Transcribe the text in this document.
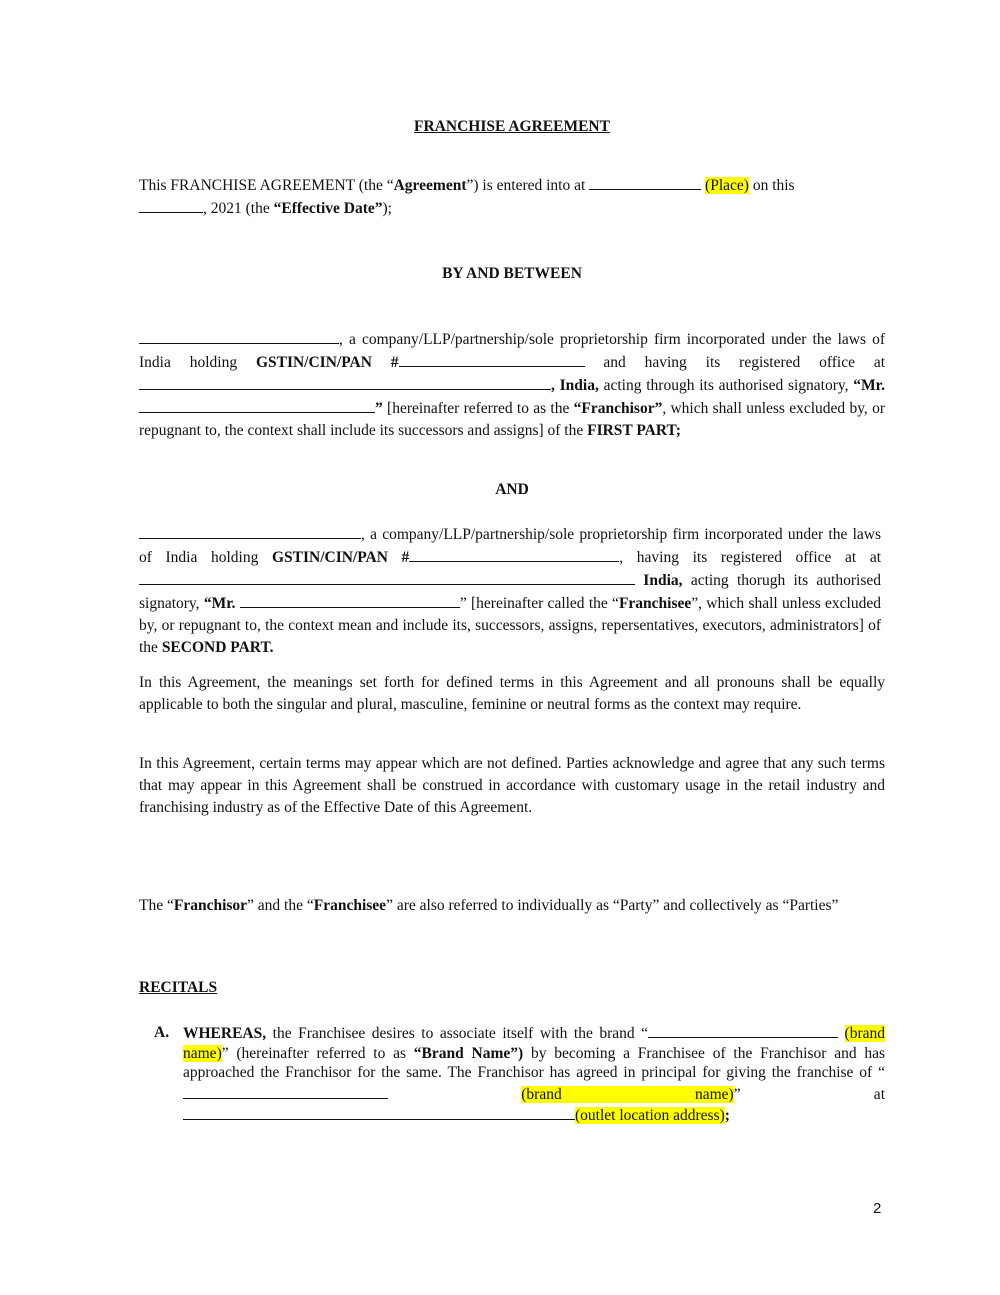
FRANCHISE AGREEMENT
This FRANCHISE AGREEMENT (the “Agreement”) is entered into at	(Place) on this
, 2021 (the “Effective Date”);
BY AND BETWEEN
, a company/LLP/partnership/sole proprietorship firm incorporated under the laws of India holding GSTIN/CIN/PAN #	and having its registered office at , India, acting through its authorised signatory, “Mr. ” [hereinafter referred to as the “Franchisor”, which shall unless excluded by, or repugnant to, the context shall include its successors and assigns] of the FIRST PART;
AND
, a company/LLP/partnership/sole proprietorship firm incorporated under the laws of India holding GSTIN/CIN/PAN #	, having its registered office at at  India, acting thorugh its authorised signatory, “Mr.	” [hereinafter called the “Franchisee”, which shall unless excluded by, or repugnant to, the context mean and include its, successors, assigns, repersentatives, executors, administrators] of the SECOND PART.
In this Agreement, the meanings set forth for defined terms in this Agreement and all pronouns shall be equally applicable to both the singular and plural, masculine, feminine or neutral forms as the context may require.
In this Agreement, certain terms may appear which are not defined. Parties acknowledge and agree that any such terms that may appear in this Agreement shall be construed in accordance with customary usage in the retail industry and franchising industry as of the Effective Date of this Agreement.
The “Franchisor” and the “Franchisee” are also referred to individually as “Party” and collectively as “Parties”
RECITALS
A. WHEREAS, the Franchisee desires to associate itself with the brand “	(brand name)” (hereinafter referred to as “Brand Name”) by becoming a Franchisee of the Franchisor and has approached the Franchisor for the same. The Franchisor has agreed in principal for giving the franchise of “ (brand name)” at (outlet location address);
2
